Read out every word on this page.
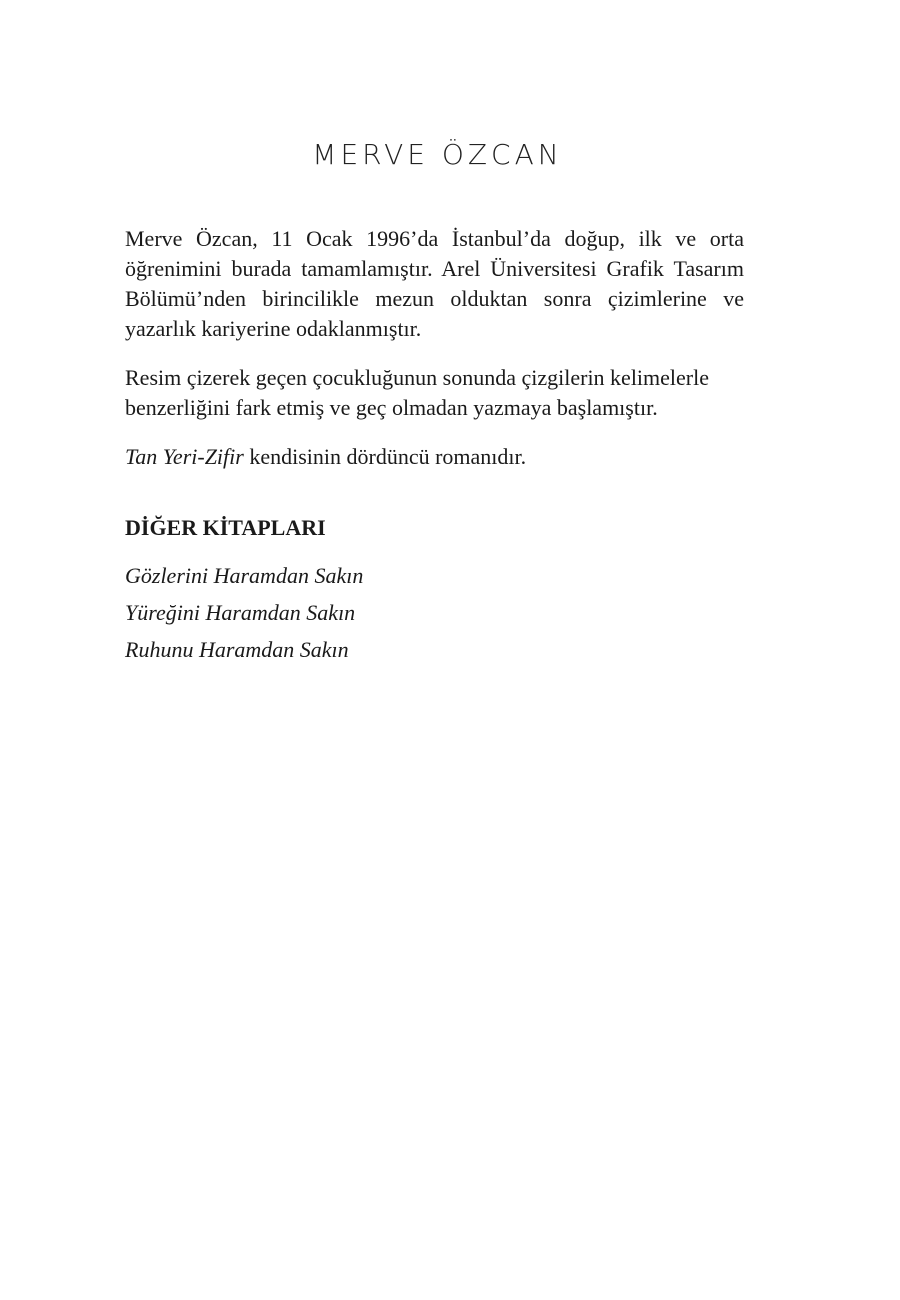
MERVE ÖZCAN

Merve Özcan, 11 Ocak 1996’da İstanbul’da doğup, ilk ve orta öğrenimini burada tamamlamıştır. Arel Üniversitesi Grafik Tasarım Bölümü’nden birincilikle mezun olduktan sonra çizimlerine ve yazarlık kariyerine odaklanmıştır.

Resim çizerek geçen çocukluğunun sonunda çizgilerin kelimelerle benzerliğini fark etmiş ve geç olmadan yazmaya başlamıştır.

Tan Yeri-Zifir kendisinin dördüncü romanıdır.

DİĞER KİTAPLARI
Gözlerini Haramdan Sakın
Yüreğini Haramdan Sakın
Ruhunu Haramdan Sakın
